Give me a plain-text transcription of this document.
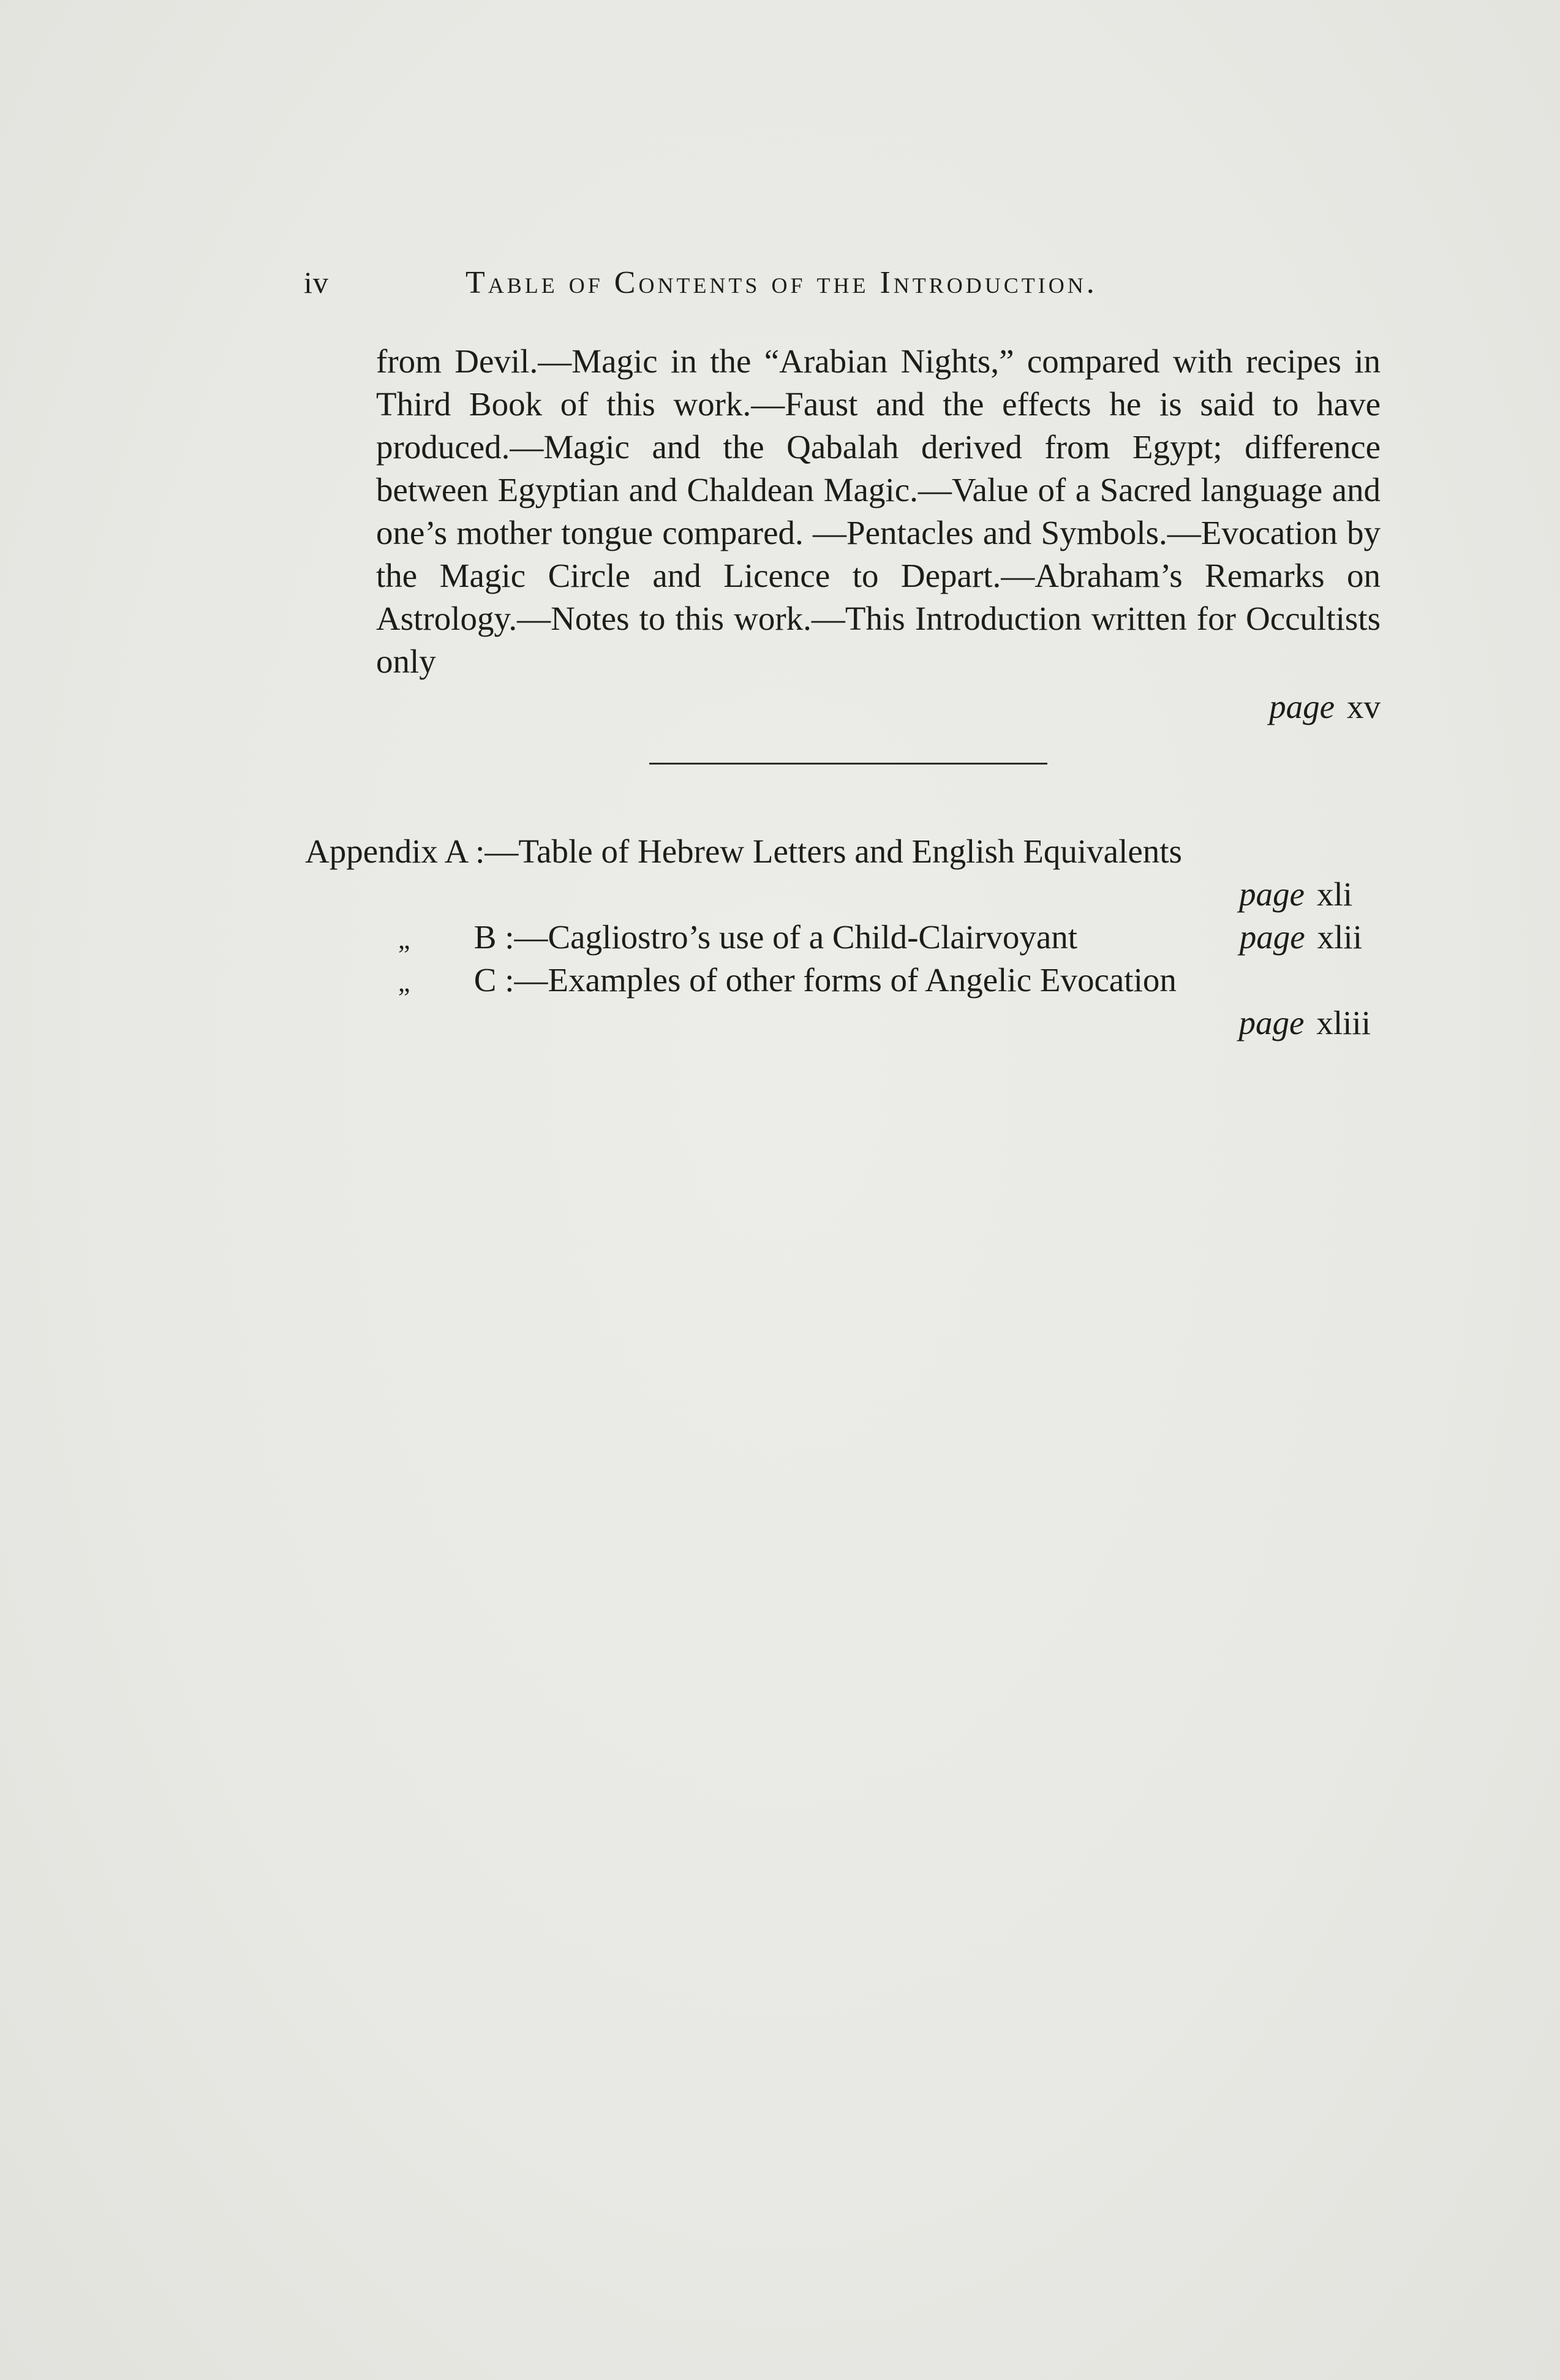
iv	Table of Contents of the Introduction.
from Devil.—Magic in the “Arabian Nights,” compared with recipes in Third Book of this work.—Faust and the effects he is said to have produced.—Magic and the Qabalah derived from Egypt; difference between Egyptian and Chaldean Magic.—Value of a Sacred language and one’s mother tongue compared. —Pentacles and Symbols.—Evocation by the Magic Circle and Licence to Depart.—Abraham’s Remarks on Astrology.—Notes to this work.—This Introduction written for Occultists only
page xv
Appendix A :—Table of Hebrew Letters and English Equivalents
page xli
„ B :—Cagliostro’s use of a Child-Clairvoyant	page xlii
„ C :—Examples of other forms of Angelic Evocation
page xliii
